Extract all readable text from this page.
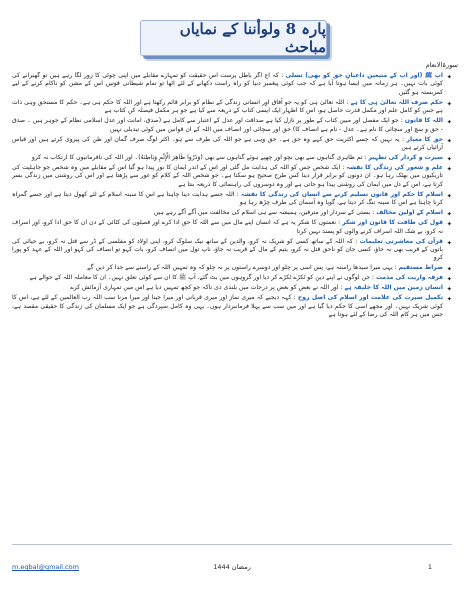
پارہ 8 ولوأننا کے نمایاں مباحث
سورۃالانعام
✦

آپ ﷺ (اور آپ کے متبعین داعیانِ حق کو بھی) تسلی : کہ آج اگر باطل پرست اس حقیقت کو تمہارے مقابلے میں اپنی چوٹی کا زور لگا رہے ہیں تو گھبرانے کی کوئی بات نہیں۔ ہر زمانہ میں ایسا ہوتا آیا ہے کہ جب کوئی پیغمبر دنیا کو راہ راست دکھانے کے لئے اٹھا تو تمام شیطانی قوتیں اس کے مشن کو ناکام کرنے کے لیے کمربستہ ہو گئیں

✦

حکم صرف اللہ تعالیٰ ہی کا ہے : اللہ تعالیٰ ہی کو یہ جو آفاق اور انسانی زندگی کے نظام کو برابر قائم رکھتا ہے اور اللہ کا حکم ہی ہے۔ حکم کا مستحق وہی ذات ہے جس کو کامل علم اور مکمل قدرت حاصل ہو، اس کا اظہار ایک ایسی کتاب کے ذریعہ سے کیا ہے جو ہر مکمل فیصلہ کن کتاب ہے

✦

اللہ کا قانون : جو ایک مفصل اور مبین کتاب کے طور پر نازل کیا ہے صداقت اور عدل کے اعتبار سے کامل ہے (صدق، امانت اور عدل اسلامی نظام کے جوہر ہیں ۔ صدق - حق و سچ اور سچائی کا نام ہے۔ عدل - نام ہے انصاف کا) حق اور سچائی اور انصاف میں اللہ کے ان قوانین میں کوئی تبدیلی نہیں

✦

حق کا معیار : یہ نہیں کہ جسے اکثریت حق کہے وہ حق ہے۔ حق وہی ہے جو اللہ کی طرف سے ہو۔ اکثر لوگ صرف گمان اور ظن کی پیروی کرتے ہیں اور قیاس آرائیاں کرتے ہیں

✦

سیرت و کردار کی تطہیر : تم ظاہری گناہوں سے بھی بچو اور چھپے ہوئے گناہوں سے بھی (وَذَرُوا ظَاهِرَ الْإِثْمِ وَبَاطِنَهُ)۔ اور اللہ کی نافرمانیوں کا ارتکاب نہ کرو

✦

علم و شعور کی زندگی کا نقشہ : ایک شخص جس کو اللہ کی ہدایت مل گئی اور اس کے اندر ایمان کا نور پیدا ہو گیا اس کے مقابلے میں وہ شخص جو جاہلیت کی تاریکیوں میں بھٹک رہا ہو۔ ان دونوں کو برابر قرار دینا کس طرح صحیح ہو سکتا ہے۔ جو شخص اللہ کے کلام کو غور سے پڑھتا ہے اور اس کی روشنی میں زندگی بسر کرتا ہے، اس کے دل میں ایمان کی روشنی پیدا ہو جاتی ہے اور وہ دوسروں کی راہنمائی کا ذریعہ بنتا ہے

✦

اسلام کا حکم اور قانون تسلیم کرنے سے انسان کی زندگی کا نقشہ : اللہ جسے ہدایت دینا چاہتا ہے اس کا سینہ اسلام کے لئے کھول دیتا ہے اور جسے گمراہ کرنا چاہتا ہے اس کا سینہ تنگ کر دیتا ہے، گویا وہ آسمان کی طرف چڑھ رہا ہو

✦

اسلام کے اولین مخالف : بستی کے سردار اور مترفین، ہمیشہ سے ہی اسلام کی مخالفت میں آگے آگے رہے ہیں

✦

قول کی طاقت کا قانون اور شکر : نعمتوں کا شکر یہ ہے کہ انسان اپنے مال میں سے اللہ کا حق ادا کرے اور فصلوں کی کٹائی کے دن ان کا حق ادا کرو، اور اسراف نہ کرو، بے شک اللہ اسراف کرنے والوں کو پسند نہیں کرتا

✦

قرآن کی معاشرتی تعلیمات : کہ اللہ کے ساتھ کسی کو شریک نہ کرو، والدین کے ساتھ نیک سلوک کرو، اپنی اولاد کو مفلسی کے ڈر سے قتل نہ کرو، بے حیائی کی باتوں کے قریب بھی نہ جاؤ، کسی جان کو ناحق قتل نہ کرو، یتیم کے مال کے قریب نہ جاؤ، ناپ تول میں انصاف کرو، بات کہو تو انصاف کی کہو اور اللہ کے عہد کو پورا کرو

✦

صراط مستقیم : یہی میرا سیدھا راستہ ہے، پس اسی پر چلو اور دوسرے راستوں پر نہ چلو کہ وہ تمہیں اللہ کے راستے سے جدا کر دیں گے

✦

فرقہ واریت کی مذمت : جن لوگوں نے اپنے دین کو ٹکڑے ٹکڑے کر دیا اور گروہوں میں بٹ گئے، آپ ﷺ کا ان سے کوئی تعلق نہیں۔ ان کا معاملہ اللہ کے حوالے ہے

✦

انسان زمین میں اللہ کا خلیفہ ہے : اور اللہ نے بعض کو بعض پر درجات میں بلندی دی تاکہ جو کچھ تمہیں دیا ہے اس میں تمہاری آزمائش کرے

✦

تکمیل سیرت کی علامت اور اسلام کی اصل روح : کہہ دیجیے کہ میری نماز اور میری قربانی اور میرا جینا اور میرا مرنا سب اللہ رب العالمین کے لئے ہے، اس کا کوئی شریک نہیں۔ اور مجھے اسی کا حکم دیا گیا ہے اور میں سب سے پہلا فرمانبردار ہوں۔ یہی وہ کامل سپردگی ہے جو ایک مسلمان کی زندگی کا حقیقی مقصد ہے، جس میں ہر کام اللہ کی رضا کے لئے ہوتا ہے

m.eqbal@gmail.com	رمضان 1444	1
